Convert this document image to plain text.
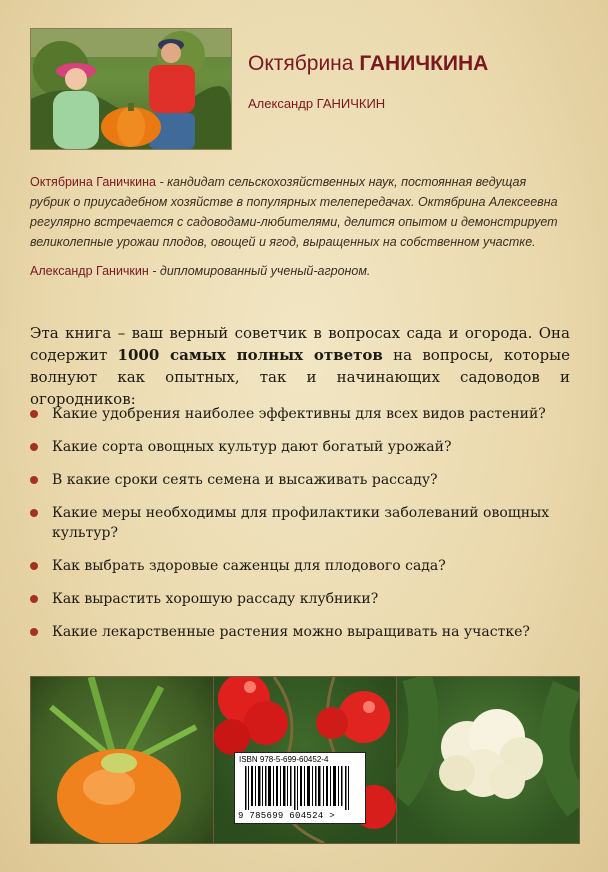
Октябрина ГАНИЧКИНА
Александр ГАНИЧКИН

Октябрина Ганичкина - кандидат сельскохозяйственных наук, постоянная ведущая рубрик о приусадебном хозяйстве в популярных телепередачах. Октябрина Алексеевна регулярно встречается с садоводами-любителями, делится опытом и демонстрирует великолепные урожаи плодов, овощей и ягод, выращенных на собственном участке.

Александр Ганичкин - дипломированный ученый-агроном.

Эта книга – ваш верный советчик в вопросах сада и огорода. Она содержит 1000 самых полных ответов на вопросы, которые волнуют как опытных, так и начинающих садоводов и огородников:
Какие удобрения наиболее эффективны для всех видов растений?
Какие сорта овощных культур дают богатый урожай?
В какие сроки сеять семена и высаживать рассаду?
Какие меры необходимы для профилактики заболеваний овощных культур?
Как выбрать здоровые саженцы для плодового сада?
Как вырастить хорошую рассаду клубники?
Какие лекарственные растения можно выращивать на участке?
ISBN 978-5-699-60452-4
9 785699 604524 >
